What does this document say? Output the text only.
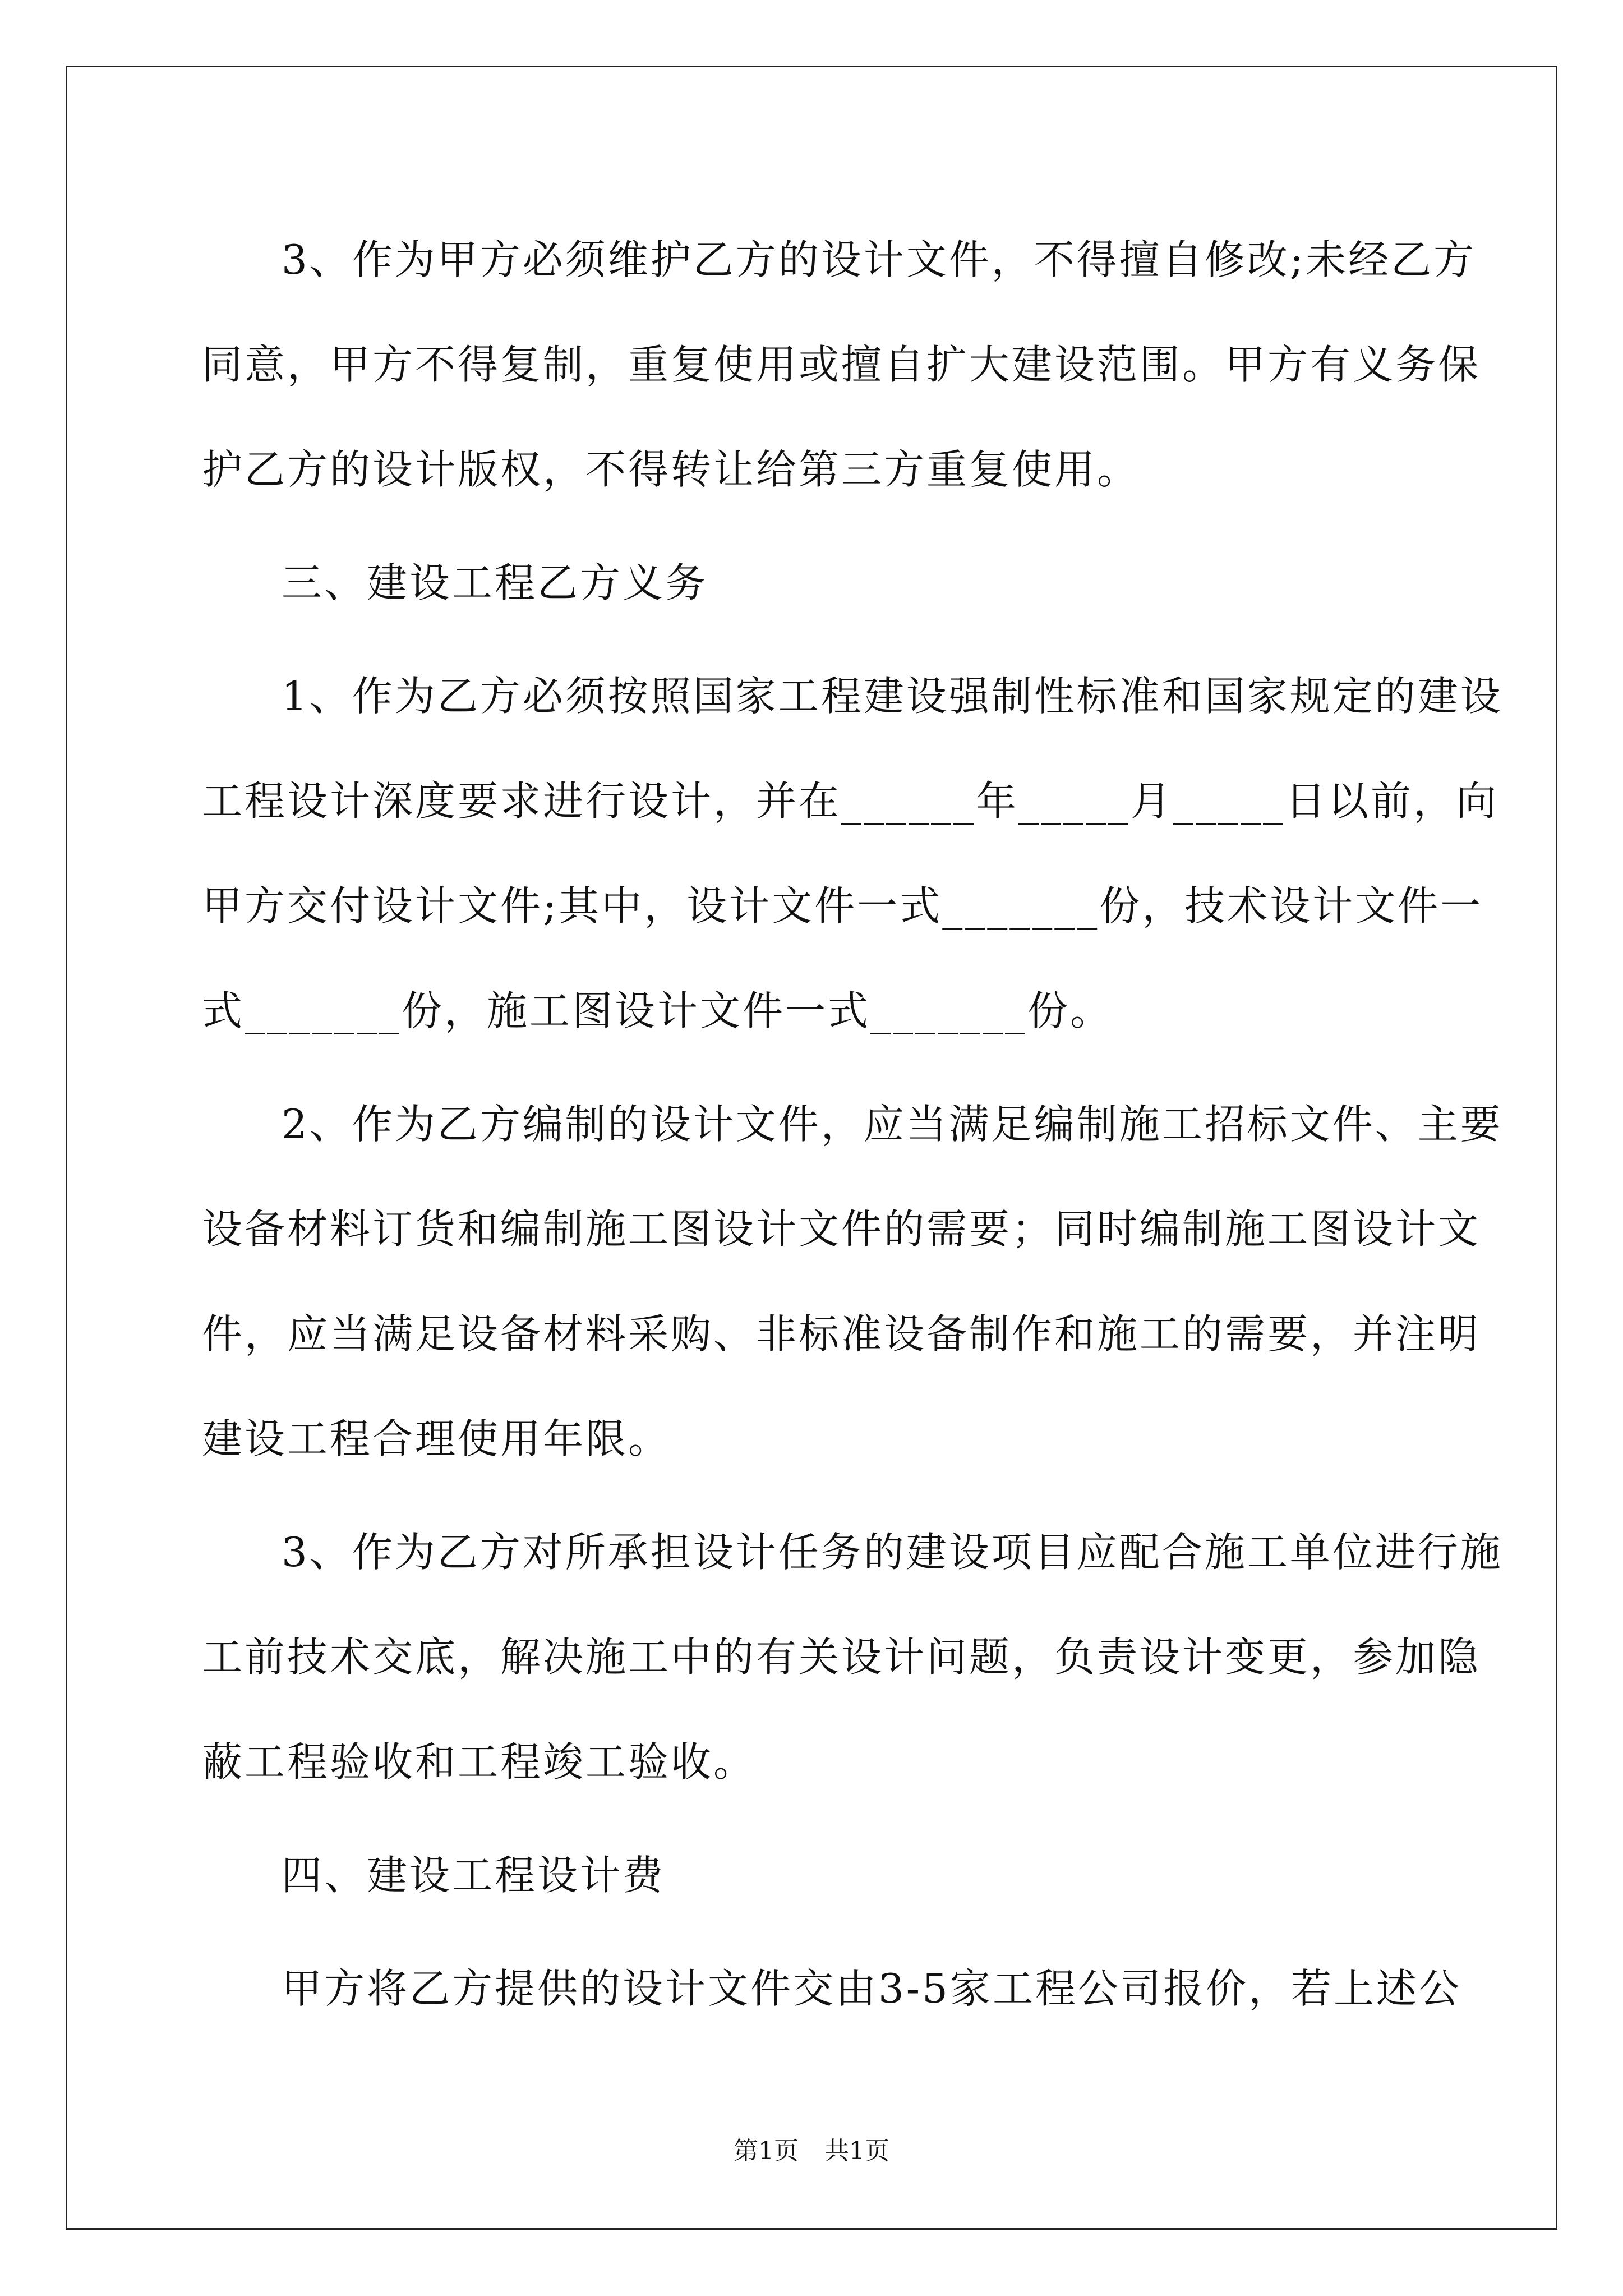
3、作为甲方必须维护乙方的设计文件，不得擅自修改;未经乙方
同意，甲方不得复制，重复使用或擅自扩大建设范围。甲方有义务保
护乙方的设计版权，不得转让给第三方重复使用。
三、建设工程乙方义务
1、作为乙方必须按照国家工程建设强制性标准和国家规定的建设
工程设计深度要求进行设计，并在______年_____月_____日以前，向
甲方交付设计文件;其中，设计文件一式_______份，技术设计文件一
式_______份，施工图设计文件一式_______份。
2、作为乙方编制的设计文件，应当满足编制施工招标文件、主要
设备材料订货和编制施工图设计文件的需要；同时编制施工图设计文
件，应当满足设备材料采购、非标准设备制作和施工的需要，并注明
建设工程合理使用年限。
3、作为乙方对所承担设计任务的建设项目应配合施工单位进行施
工前技术交底，解决施工中的有关设计问题，负责设计变更，参加隐
蔽工程验收和工程竣工验收。
四、建设工程设计费
甲方将乙方提供的设计文件交由3-5家工程公司报价，若上述公
第1页 共1页
